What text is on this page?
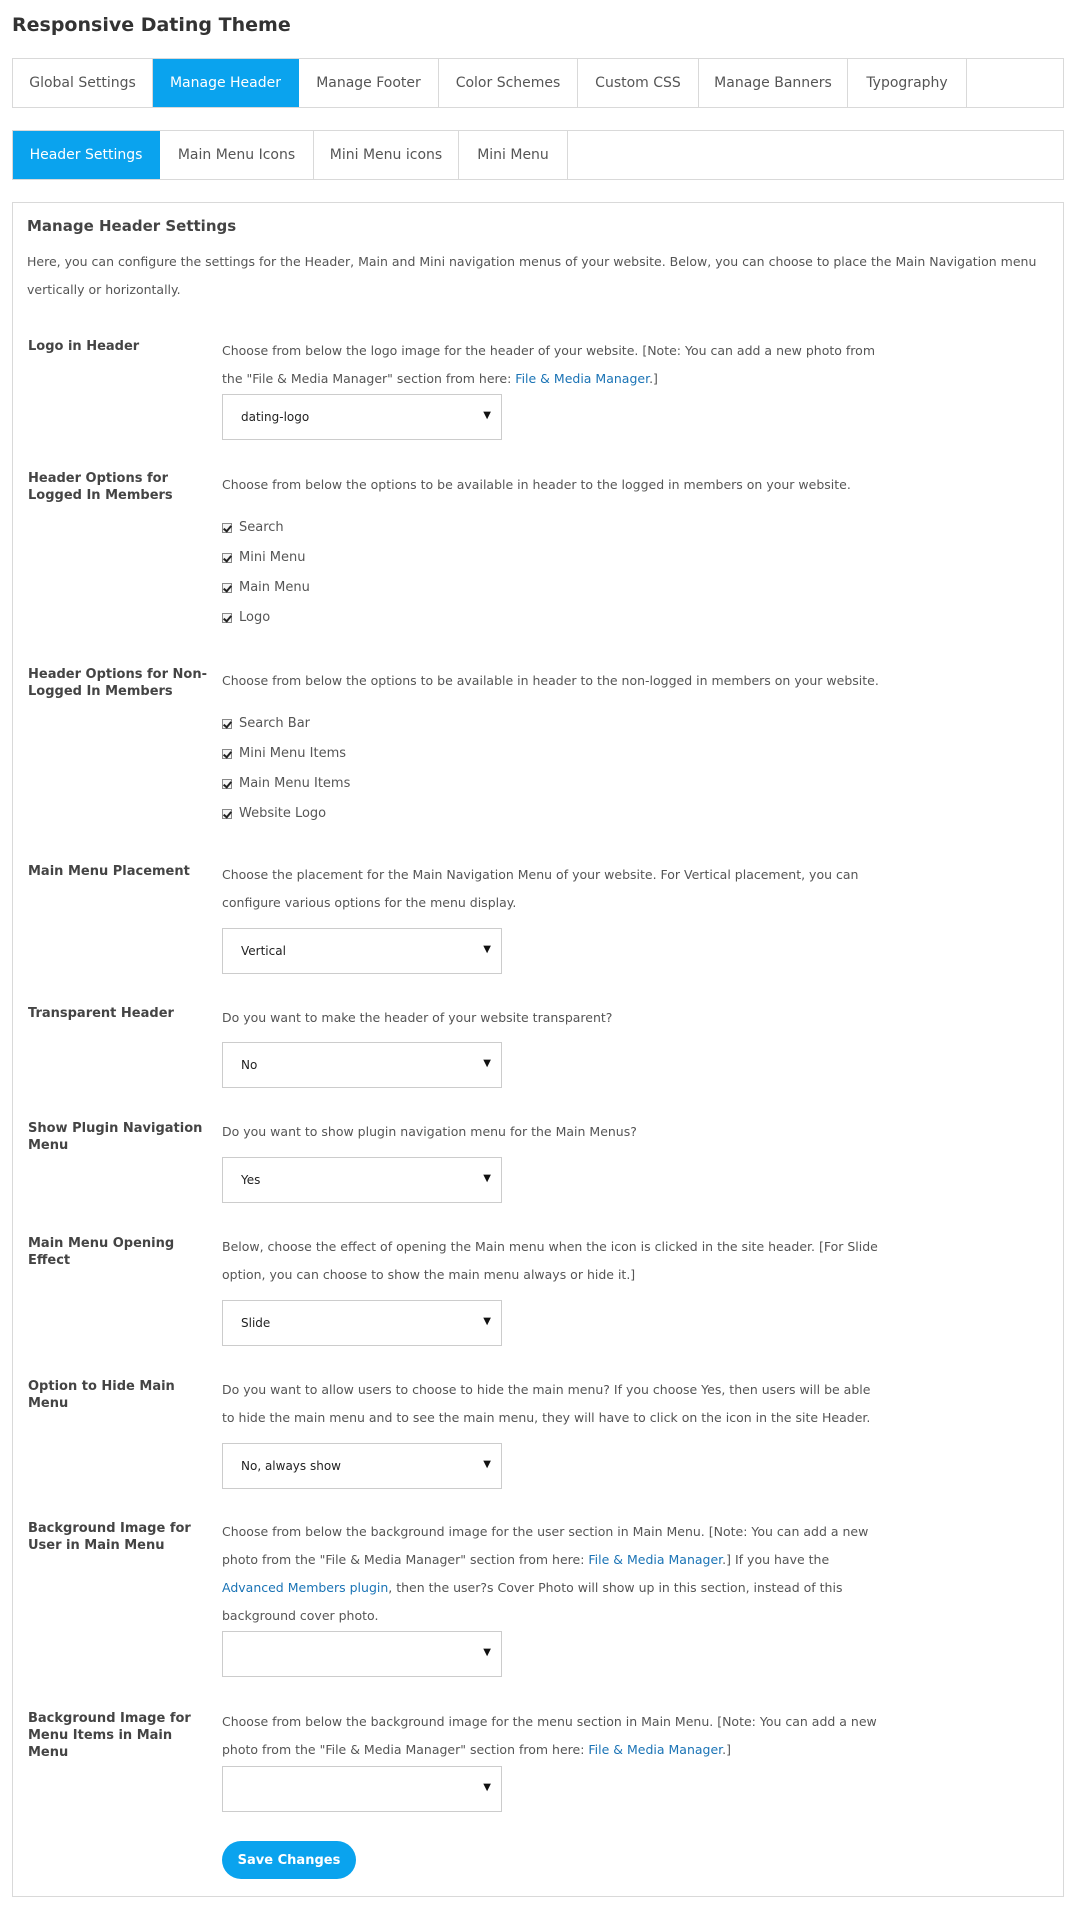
Responsive Dating Theme
Global Settings	Manage Header	Manage Footer	Color Schemes	Custom CSS	Manage Banners	Typography
Header Settings	Main Menu Icons	Mini Menu icons	Mini Menu
Manage Header Settings
Here, you can configure the settings for the Header, Main and Mini navigation menus of your website. Below, you can choose to place the Main Navigation menu vertically or horizontally.
Logo in Header	Choose from below the logo image for the header of your website. [Note: You can add a new photo from the "File & Media Manager" section from here: File & Media Manager.]
dating-logo	▼
Header Options for Logged In Members
Choose from below the options to be available in header to the logged in members on your website.
Search
Mini Menu
Main Menu
Logo
Header Options for Non-Logged In Members
Choose from below the options to be available in header to the non-logged in members on your website.
Search Bar
Mini Menu Items
Main Menu Items
Website Logo
Main Menu Placement	Choose the placement for the Main Navigation Menu of your website. For Vertical placement, you can configure various options for the menu display.
Vertical	▼
Transparent Header	Do you want to make the header of your website transparent?
No	▼
Show Plugin Navigation Menu
Do you want to show plugin navigation menu for the Main Menus?
Yes	▼
Main Menu Opening Effect
Below, choose the effect of opening the Main menu when the icon is clicked in the site header. [For Slide option, you can choose to show the main menu always or hide it.]
Slide	▼
Option to Hide Main Menu
Do you want to allow users to choose to hide the main menu? If you choose Yes, then users will be able to hide the main menu and to see the main menu, they will have to click on the icon in the site Header.
No, always show	▼
Background Image for User in Main Menu
Choose from below the background image for the user section in Main Menu. [Note: You can add a new photo from the "File & Media Manager" section from here: File & Media Manager.] If you have the Advanced Members plugin, then the user?s Cover Photo will show up in this section, instead of this background cover photo.
▼
Background Image for Menu Items in Main Menu
Choose from below the background image for the menu section in Main Menu. [Note: You can add a new photo from the "File & Media Manager" section from here: File & Media Manager.]
▼
Save Changes
